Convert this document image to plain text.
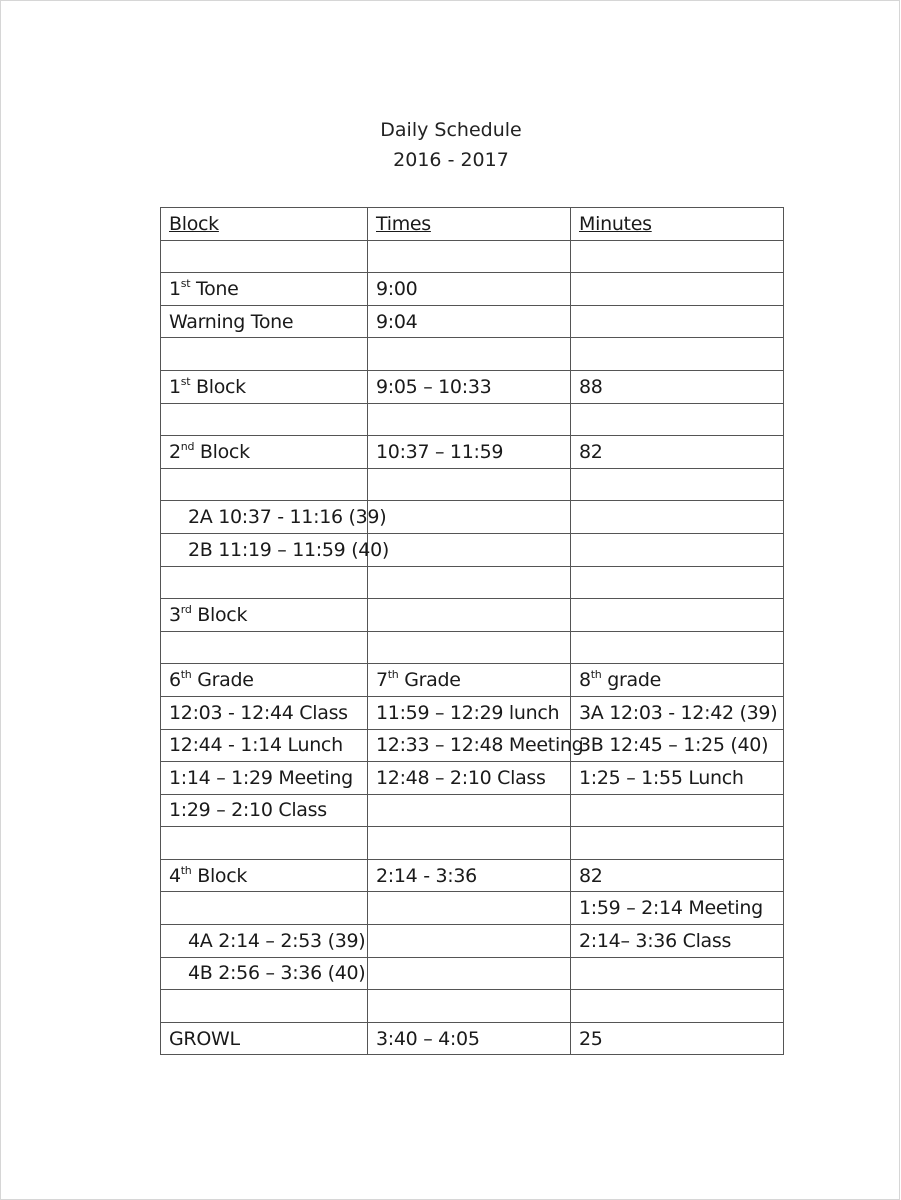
Daily Schedule
2016 - 2017
Block	Times	Minutes

1st Tone	9:00	
Warning Tone	9:04	

1st Block	9:05 – 10:33	88

2nd Block	10:37 – 11:59	82

2A 10:37 - 11:16 (39)		
2B 11:19 – 11:59 (40)		

3rd Block		

6th Grade	7th Grade	8th grade
12:03 - 12:44 Class	11:59 – 12:29 lunch	3A 12:03 - 12:42 (39)
12:44 - 1:14 Lunch	12:33 – 12:48 Meeting	3B 12:45 – 1:25 (40)
1:14 – 1:29 Meeting	12:48 – 2:10 Class	1:25 – 1:55 Lunch
1:29 – 2:10 Class		

4th Block	2:14 - 3:36	82
		1:59 – 2:14 Meeting
4A 2:14 – 2:53 (39)		2:14– 3:36 Class
4B 2:56 – 3:36 (40)		

GROWL	3:40 – 4:05	25
